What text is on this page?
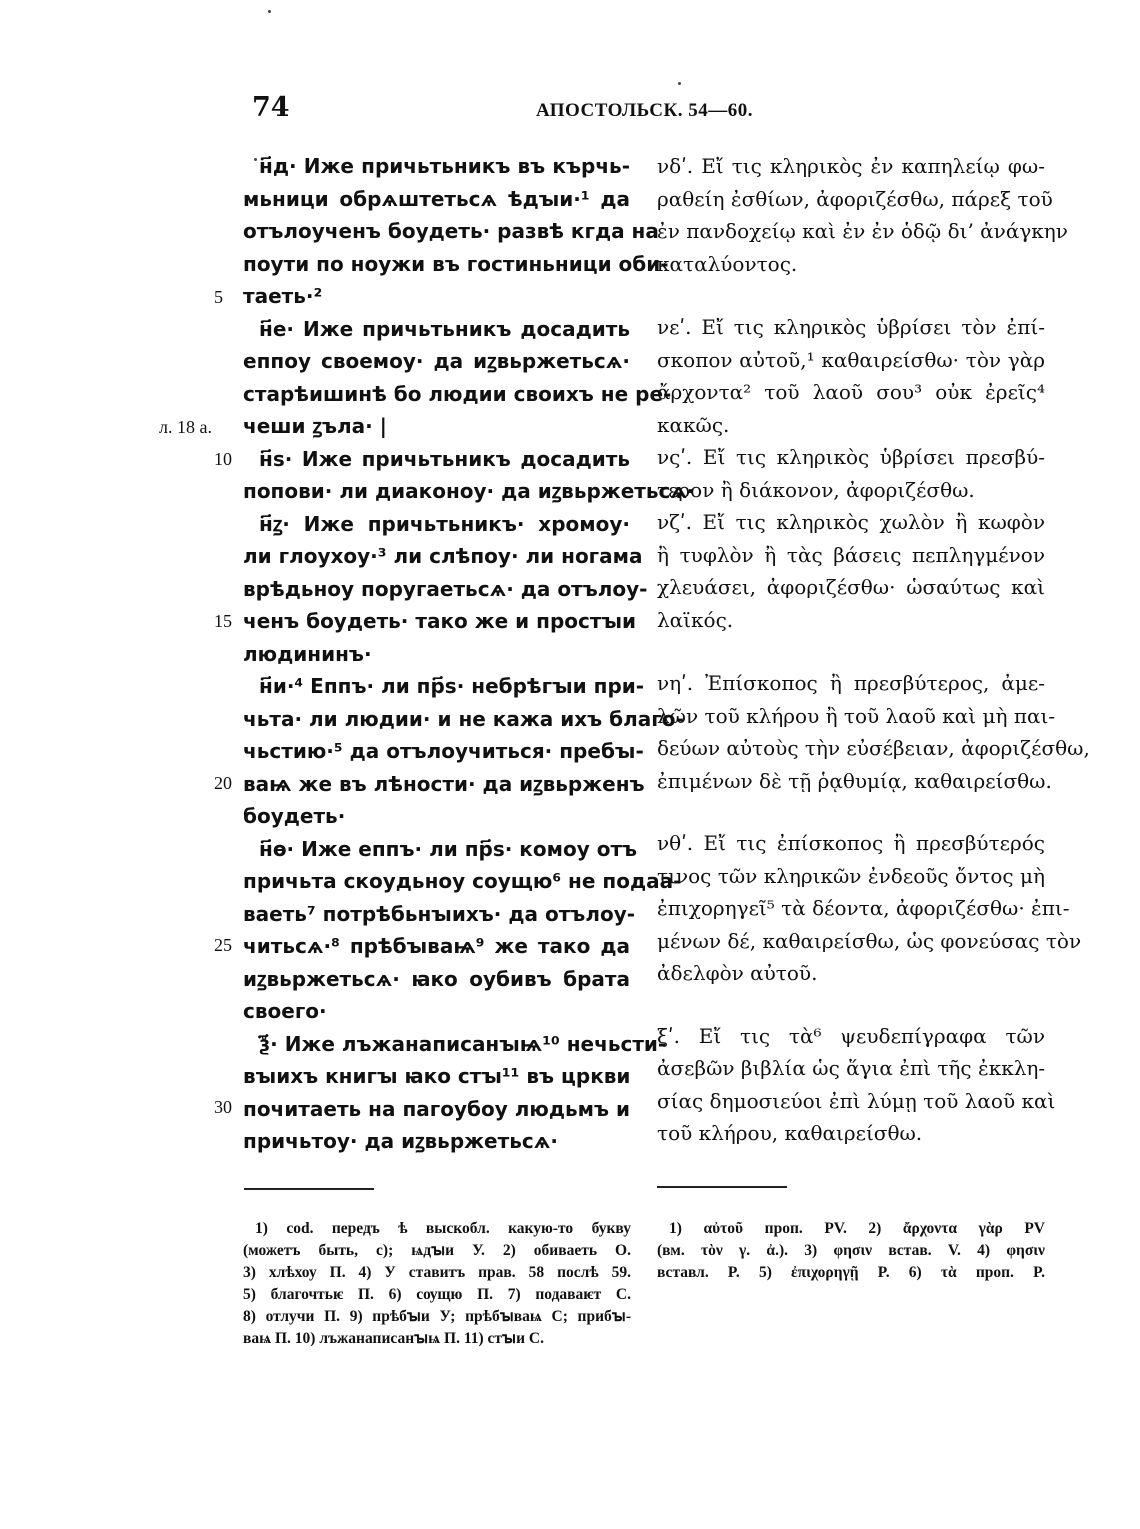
74	АПОСТОЛЬСК. 54—60.
5
л. 18 а.
10
15
20
25
30
н҃д· Иже причьтьникъ въ кърчь-
мьници обрѧштетьсѧ ѣдꙑи·¹ да
отълоученъ боудеть· развѣ кгда на
поути по ноужи въ гостиньници оби-
таеть·²
н҃е· Иже причьтьникъ досадить
еппоу своемоу· да иꙁвьржетьсѧ·
старѣишинѣ бо людии своихъ не ре-
чеши ꙁъла· |
н҃ѕ· Иже причьтьникъ досадить
попови· ли диаконоу· да иꙁвьржетьсѧ·
н҃ꙁ· Иже причьтьникъ· хромоу·
ли глоухоу·³ ли слѣпоу· ли ногама
врѣдьноу поругаетьсѧ· да отълоу-
ченъ боудеть· тако же и простꙑи
людининъ·
н҃и·⁴ Еппъ· ли пр҃ѕ· небрѣгꙑи при-
чьта· ли людии· и не кажа ихъ благо-
чьстию·⁵ да отълоучиться· пребꙑ-
ваѩ же въ лѣности· да иꙁвьрженъ
боудеть·
н҃ѳ· Иже еппъ· ли пр҃ѕ· комоу отъ
причьта скоудьноу соущю⁶ не подаа-
ваеть⁷ потрѣбьнꙑихъ· да отълоу-
читьсѧ·⁸ прѣбꙑваѩ⁹ же тако да
иꙁвьржетьсѧ· ꙗко оубивъ брата
своего·
ѯ҃· Иже лъжанаписанꙑѩ¹⁰ нечьсти-
вꙑихъ книгꙑ ꙗко стꙑ¹¹ въ цркви
почитаеть на пагоубоу людьмъ и
причьтоу· да иꙁвьржетьсѧ·
νδʹ. Εἴ τις κληρικὸς ἐν καπηλείῳ φω-
ραθείη ἐσθίων, ἀφοριζέσθω, πάρεξ τοῦ
ἐν πανδοχείῳ καὶ ἐν ἐν ὁδῷ δι’ ἀνάγκην
καταλύοντος.
νεʹ. Εἴ τις κληρικὸς ὑβρίσει τὸν ἐπί-
σκοπον αὐτοῦ,¹ καθαιρείσθω· τὸν γὰρ
ἄρχοντα² τοῦ λαοῦ σου³ οὐκ ἐρεῖς⁴
κακῶς.
νςʹ. Εἴ τις κληρικὸς ὑβρίσει πρεσβύ-
τερον ἢ διάκονον, ἀφοριζέσθω.
νζʹ. Εἴ τις κληρικὸς χωλὸν ἢ κωφὸν
ἢ τυφλὸν ἢ τὰς βάσεις πεπληγμένον
χλευάσει, ἀφοριζέσθω· ὡσαύτως καὶ
λαϊκός.
νηʹ. Ἐπίσκοπος ἢ πρεσβύτερος, ἀμε-
λῶν τοῦ κλήρου ἢ τοῦ λαοῦ καὶ μὴ παι-
δεύων αὐτοὺς τὴν εὐσέβειαν, ἀφοριζέσθω,
ἐπιμένων δὲ τῇ ῥᾳθυμίᾳ, καθαιρείσθω.
νθʹ. Εἴ τις ἐπίσκοπος ἢ πρεσβύτερός
τινος τῶν κληρικῶν ἐνδεοῦς ὄντος μὴ
ἐπιχορηγεῖ⁵ τὰ δέοντα, ἀφοριζέσθω· ἐπι-
μένων δέ, καθαιρείσθω, ὡς φονεύσας τὸν
ἀδελφὸν αὐτοῦ.
ξʹ. Εἴ τις τὰ⁶ ψευδεπίγραφα τῶν
ἀσεβῶν βιβλία ὡς ἅγια ἐπὶ τῆς ἐκκλη-
σίας δημοσιεύοι ἐπὶ λύμῃ τοῦ λαοῦ καὶ
τοῦ κλήρου, καθαιρείσθω.
1) cod. передъ ѣ выскобл. какую-то букву
(можетъ быть, с); ѩдꙑи У. 2) обиваеть О.
3) хлѣхоу П. 4) У ставитъ прав. 58 послѣ 59.
5) благочтьѥ П. 6) сѹщю П. 7) подаваѥт С.
8) отлучи П. 9) прѣбꙑи У; прѣбꙑваѩ С; прибꙑ-
ваѩ П. 10) лъжанаписанꙑѩ П. 11) стꙑи С.
1) αὐτοῦ проп. PV. 2) ἄρχοντα γὰρ PV
(вм. τὸν γ. ἀ.). 3) φησιν встав. V. 4) φησιν
вставл. P. 5) ἐπιχορηγῇ P. 6) τὰ проп. P.
